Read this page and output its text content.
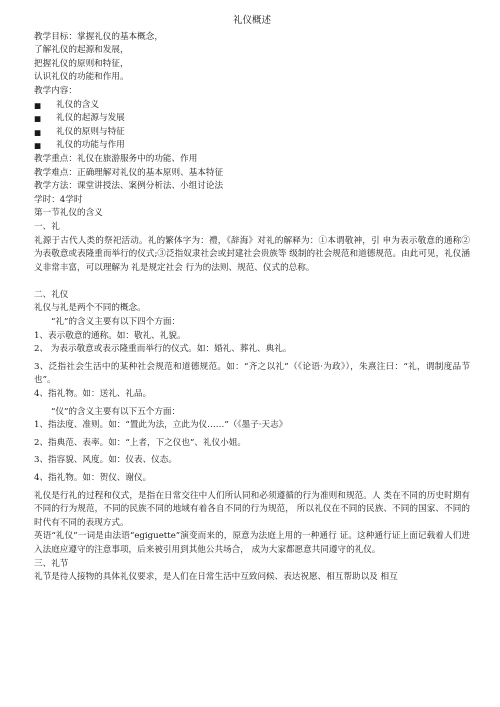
礼仪概述
教学目标：掌握礼仪的基本概念，
了解礼仪的起源和发展，
把握礼仪的原则和特征，
认识礼仪的功能和作用。
教学内容：
■ 礼仪的含义
■ 礼仪的起源与发展
■ 礼仪的原则与特征
■ 礼仪的功能与作用
教学重点：礼仪在旅游服务中的功能、作用
教学难点：正确理解对礼仪的基本原则、基本特征
教学方法：课堂讲授法、案例分析法、小组讨论法
学时：4学时
第一节礼仪的含义
一、礼
礼源于古代人类的祭祀活动。礼的繁体字为：禮，《辞海》对礼的解释为：①本谓敬神，引 申为表示敬意的通称②为表敬意或表隆重而举行的仪式;③泛指奴隶社会或封建社会贵族等 级制的社会规范和道德规范。由此可见，礼仪涵义非常丰富，可以理解为 礼是规定社会 行为的法则、规范、仪式的总称。
二、礼仪
礼仪与礼是两个不同的概念。
“礼”的含义主要有以下四个方面：
1、表示敬意的通称。如：敬礼、礼貌。
2、 为表示敬意或表示隆重而举行的仪式。如：婚礼、葬礼、典礼。
3、泛指社会生活中的某种社会规范和道德规范。如：“齐之以礼”（《论语·为政》），朱熹注曰：“礼，谓制度品节也”。
4、指礼物。如：送礼、礼品。
“仪”的含义主要有以下五个方面：
1、指法度、准则。如：“置此为法，立此为仪……”（《墨子·天志》
2、指典范、表率。如：“上者，下之仪也”、礼仪小姐。
3、指容貌、风度。如：仪表、仪态。
4、指礼物。如：贺仪、谢仪。
礼仪是行礼的过程和仪式，是指在日常交往中人们所认同和必须遵循的行为准则和规范。人 类在不同的历史时期有不同的行为规范，不同的民族不同的地域有着各自不同的行为规范， 所以礼仪在不同的民族、不同的国家、不同的时代有不同的表现方式。
英语“礼仪”一词是由法语“egiguette”演变而来的，原意为法庭上用的一种通行 证。这种通行证上面记载着人们进入法庭应遵守的注意事项，后来被引用到其他公共场合， 成为大家都愿意共同遵守的礼仪。
三、礼节
礼节是待人接物的具体礼仪要求，是人们在日常生活中互致问候、表达祝愿、相互帮助以及 相互
